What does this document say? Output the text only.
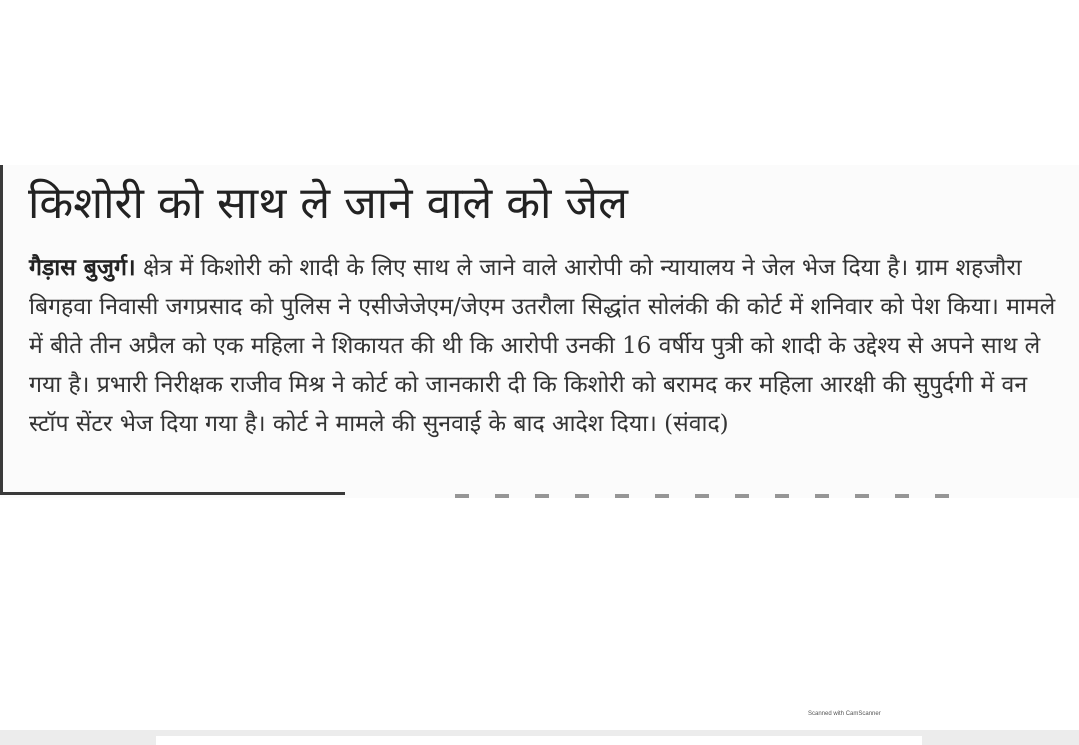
किशोरी को साथ ले जाने वाले को जेल

गैड़ास बुजुर्ग। क्षेत्र में किशोरी को शादी के लिए साथ ले जाने वाले आरोपी को न्यायालय ने जेल भेज दिया है। ग्राम शहजौरा बिगहवा निवासी जगप्रसाद को पुलिस ने एसीजेजेएम/जेएम उतरौला सिद्धांत सोलंकी की कोर्ट में शनिवार को पेश किया। मामले में बीते तीन अप्रैल को एक महिला ने शिकायत की थी कि आरोपी उनकी 16 वर्षीय पुत्री को शादी के उद्देश्य से अपने साथ ले गया है। प्रभारी निरीक्षक राजीव मिश्र ने कोर्ट को जानकारी दी कि किशोरी को बरामद कर महिला आरक्षी की सुपुर्दगी में वन स्टॉप सेंटर भेज दिया गया है। कोर्ट ने मामले की सुनवाई के बाद आदेश दिया। (संवाद)

Scanned with CamScanner
